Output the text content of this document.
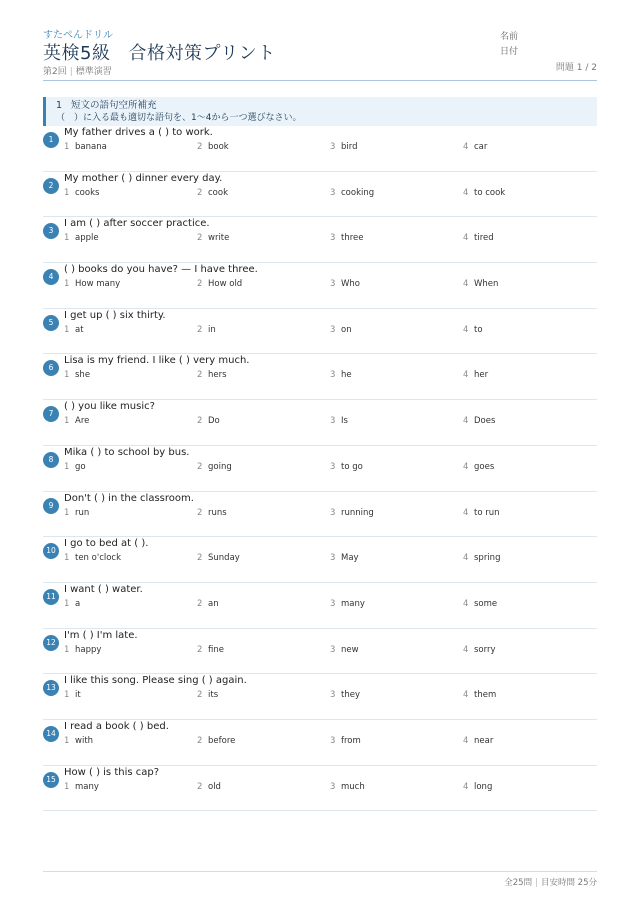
すたぺんドリル
英検5級 合格対策プリント
第2回 | 標準演習
名前
日付
問題 1 / 2
1 短文の語句空所補充
（　）に入る最も適切な語句を、1〜4から一つ選びなさい。
1
My father drives a ( ) to work.
1 banana	2 book	3 bird	4 car
2
My mother ( ) dinner every day.
1 cooks	2 cook	3 cooking	4 to cook
3
I am ( ) after soccer practice.
1 apple	2 write	3 three	4 tired
4
( ) books do you have? — I have three.
1 How many	2 How old	3 Who	4 When
5
I get up ( ) six thirty.
1 at	2 in	3 on	4 to
6
Lisa is my friend. I like ( ) very much.
1 she	2 hers	3 he	4 her
7
( ) you like music?
1 Are	2 Do	3 Is	4 Does
8
Mika ( ) to school by bus.
1 go	2 going	3 to go	4 goes
9
Don't ( ) in the classroom.
1 run	2 runs	3 running	4 to run
10
I go to bed at ( ).
1 ten o'clock	2 Sunday	3 May	4 spring
11
I want ( ) water.
1 a	2 an	3 many	4 some
12
I'm ( ) I'm late.
1 happy	2 fine	3 new	4 sorry
13
I like this song. Please sing ( ) again.
1 it	2 its	3 they	4 them
14
I read a book ( ) bed.
1 with	2 before	3 from	4 near
15
How ( ) is this cap?
1 many	2 old	3 much	4 long
全25問 | 目安時間 25分
